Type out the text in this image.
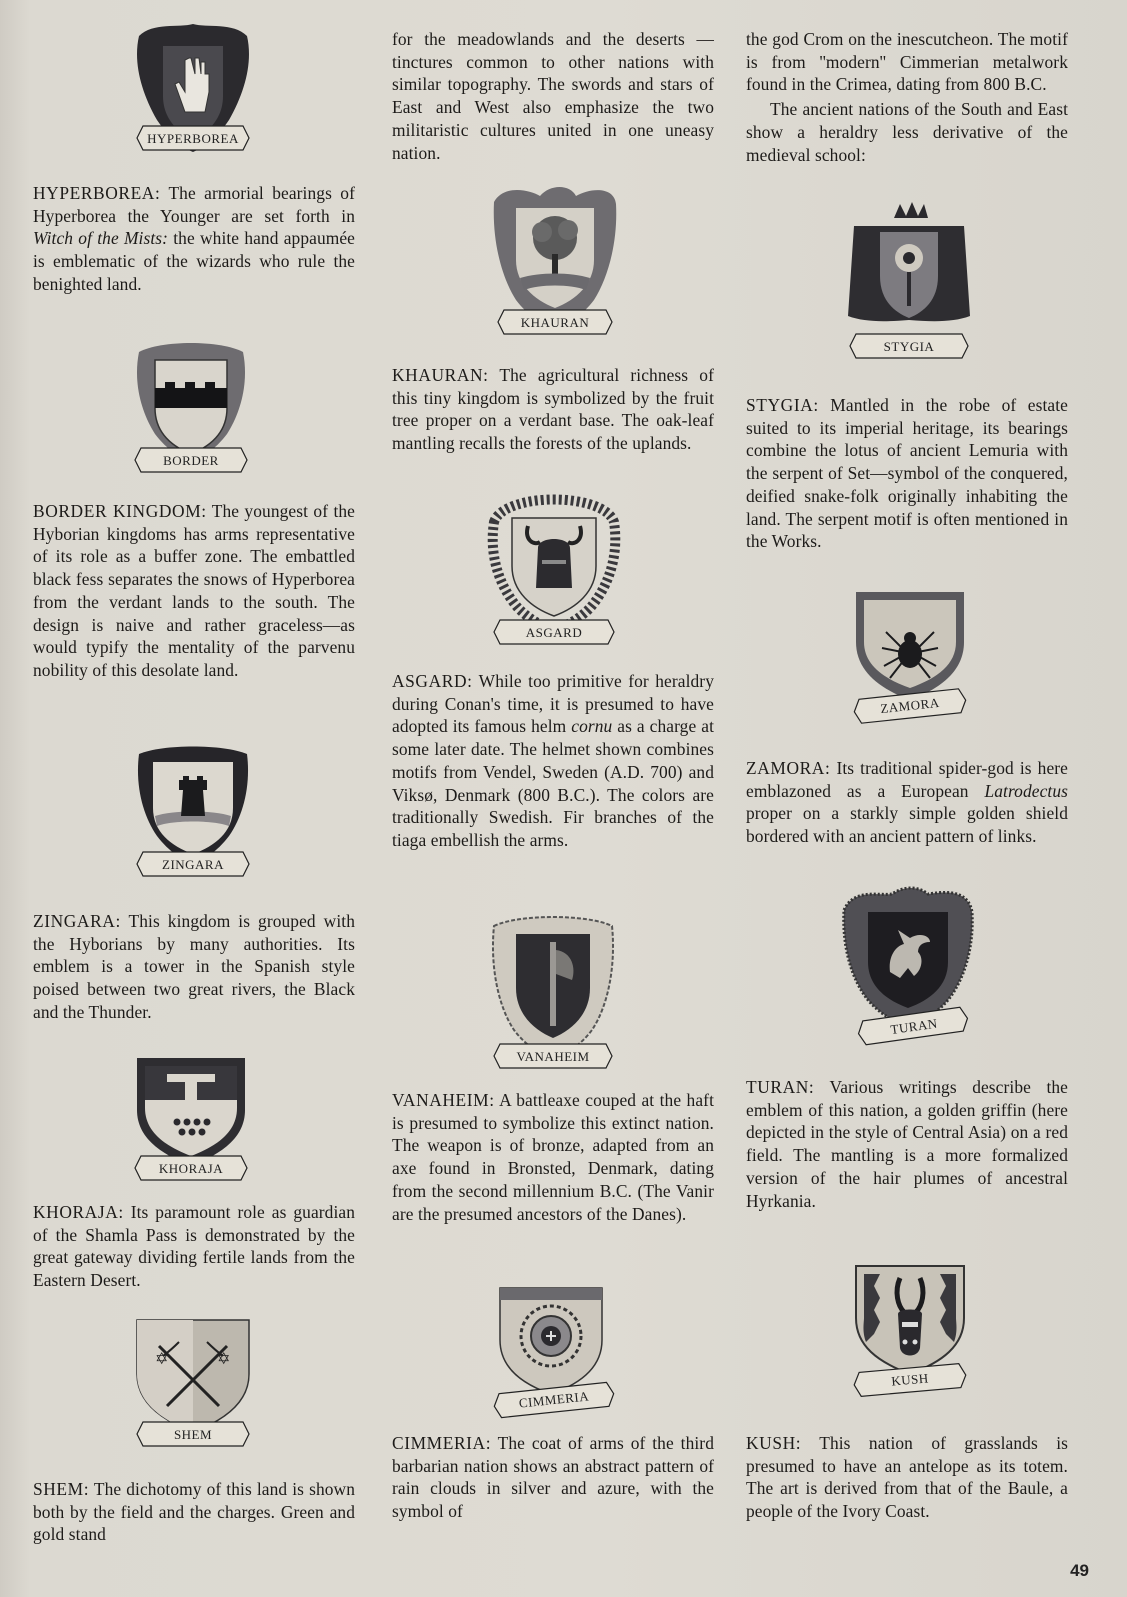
HYPERBOREA

HYPERBOREA: The armorial bearings of Hyperborea the Younger are set forth in Witch of the Mists: the white hand appaumée is emblematic of the wizards who rule the benighted land.

BORDER

BORDER KINGDOM: The youngest of the Hyborian kingdoms has arms representative of its role as a buffer zone. The embattled black fess separates the snows of Hyperborea from the verdant lands to the south. The design is naive and rather graceless—as would typify the mentality of the parvenu nobility of this desolate land.

ZINGARA

ZINGARA: This kingdom is grouped with the Hyborians by many authorities. Its emblem is a tower in the Spanish style poised between two great rivers, the Black and the Thunder.

KHORAJA

KHORAJA: Its paramount role as guardian of the Shamla Pass is demonstrated by the great gateway dividing fertile lands from the Eastern Desert.

✡	✡
SHEM

SHEM: The dichotomy of this land is shown both by the field and the charges. Green and gold stand

for the meadowlands and the deserts —tinctures common to other nations with similar topography. The swords and stars of East and West also emphasize the two militaristic cultures united in one uneasy nation.

KHAURAN

KHAURAN: The agricultural richness of this tiny kingdom is symbolized by the fruit tree proper on a verdant base. The oak-leaf mantling recalls the forests of the uplands.

ASGARD

ASGARD: While too primitive for heraldry during Conan's time, it is presumed to have adopted its famous helm cornu as a charge at some later date. The helmet shown combines motifs from Vendel, Sweden (A.D. 700) and Viksø, Denmark (800 B.C.). The colors are traditionally Swedish. Fir branches of the tiaga embellish the arms.

VANAHEIM

VANAHEIM: A battleaxe couped at the haft is presumed to symbolize this extinct nation. The weapon is of bronze, adapted from an axe found in Bronsted, Denmark, dating from the second millennium B.C. (The Vanir are the presumed ancestors of the Danes).

CIMMERIA

CIMMERIA: The coat of arms of the third barbarian nation shows an abstract pattern of rain clouds in silver and azure, with the symbol of

the god Crom on the inescutcheon. The motif is from ''modern'' Cimmerian metalwork found in the Crimea, dating from 800 B.C.

The ancient nations of the South and East show a heraldry less derivative of the medieval school:

STYGIA

STYGIA: Mantled in the robe of estate suited to its imperial heritage, its bearings combine the lotus of ancient Lemuria with the serpent of Set—symbol of the conquered, deified snake-folk originally inhabiting the land. The serpent motif is often mentioned in the Works.

ZAMORA

ZAMORA: Its traditional spider-god is here emblazoned as a European Latrodectus proper on a starkly simple golden shield bordered with an ancient pattern of links.

TURAN

TURAN: Various writings describe the emblem of this nation, a golden griffin (here depicted in the style of Central Asia) on a red field. The mantling is a more formalized version of the hair plumes of ancestral Hyrkania.

KUSH

KUSH: This nation of grasslands is presumed to have an antelope as its totem. The art is derived from that of the Baule, a people of the Ivory Coast.

49
